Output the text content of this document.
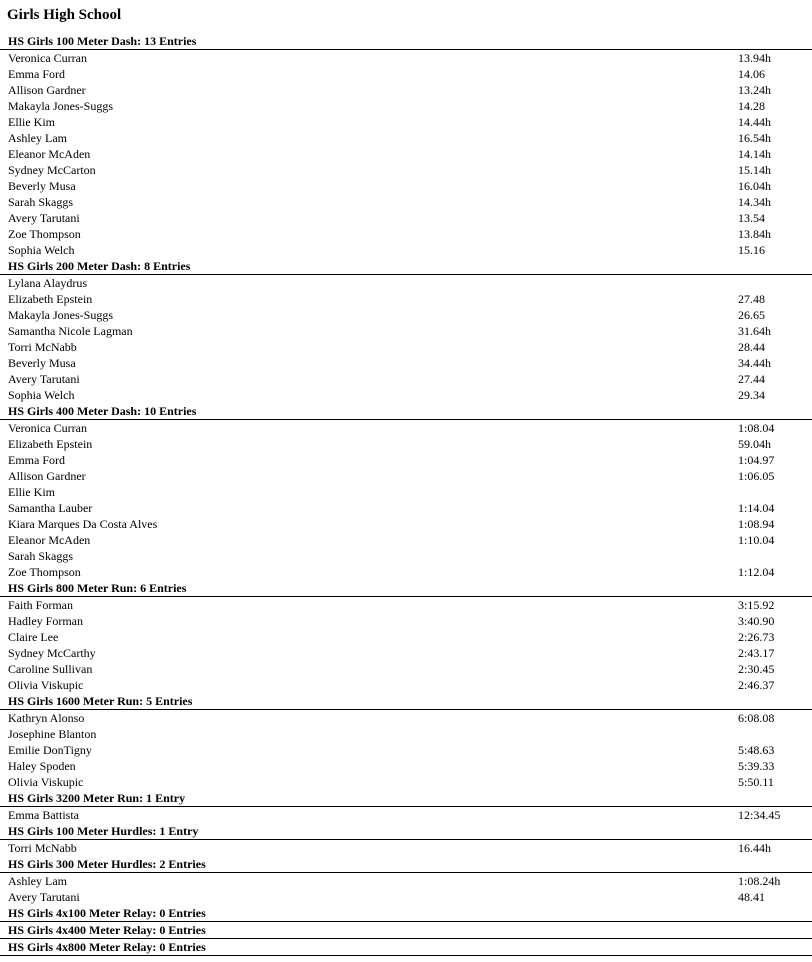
Girls High School
HS Girls 100 Meter Dash: 13 Entries
Veronica Curran	13.94h
Emma Ford	14.06
Allison Gardner	13.24h
Makayla Jones-Suggs	14.28
Ellie Kim	14.44h
Ashley Lam	16.54h
Eleanor McAden	14.14h
Sydney McCarton	15.14h
Beverly Musa	16.04h
Sarah Skaggs	14.34h
Avery Tarutani	13.54
Zoe Thompson	13.84h
Sophia Welch	15.16
HS Girls 200 Meter Dash: 8 Entries
Lylana Alaydrus
Elizabeth Epstein	27.48
Makayla Jones-Suggs	26.65
Samantha Nicole Lagman	31.64h
Torri McNabb	28.44
Beverly Musa	34.44h
Avery Tarutani	27.44
Sophia Welch	29.34
HS Girls 400 Meter Dash: 10 Entries
Veronica Curran	1:08.04
Elizabeth Epstein	59.04h
Emma Ford	1:04.97
Allison Gardner	1:06.05
Ellie Kim
Samantha Lauber	1:14.04
Kiara Marques Da Costa Alves	1:08.94
Eleanor McAden	1:10.04
Sarah Skaggs
Zoe Thompson	1:12.04
HS Girls 800 Meter Run: 6 Entries
Faith Forman	3:15.92
Hadley Forman	3:40.90
Claire Lee	2:26.73
Sydney McCarthy	2:43.17
Caroline Sullivan	2:30.45
Olivia Viskupic	2:46.37
HS Girls 1600 Meter Run: 5 Entries
Kathryn Alonso	6:08.08
Josephine Blanton
Emilie DonTigny	5:48.63
Haley Spoden	5:39.33
Olivia Viskupic	5:50.11
HS Girls 3200 Meter Run: 1 Entry
Emma Battista	12:34.45
HS Girls 100 Meter Hurdles: 1 Entry
Torri McNabb	16.44h
HS Girls 300 Meter Hurdles: 2 Entries
Ashley Lam	1:08.24h
Avery Tarutani	48.41
HS Girls 4x100 Meter Relay: 0 Entries
HS Girls 4x400 Meter Relay: 0 Entries
HS Girls 4x800 Meter Relay: 0 Entries
